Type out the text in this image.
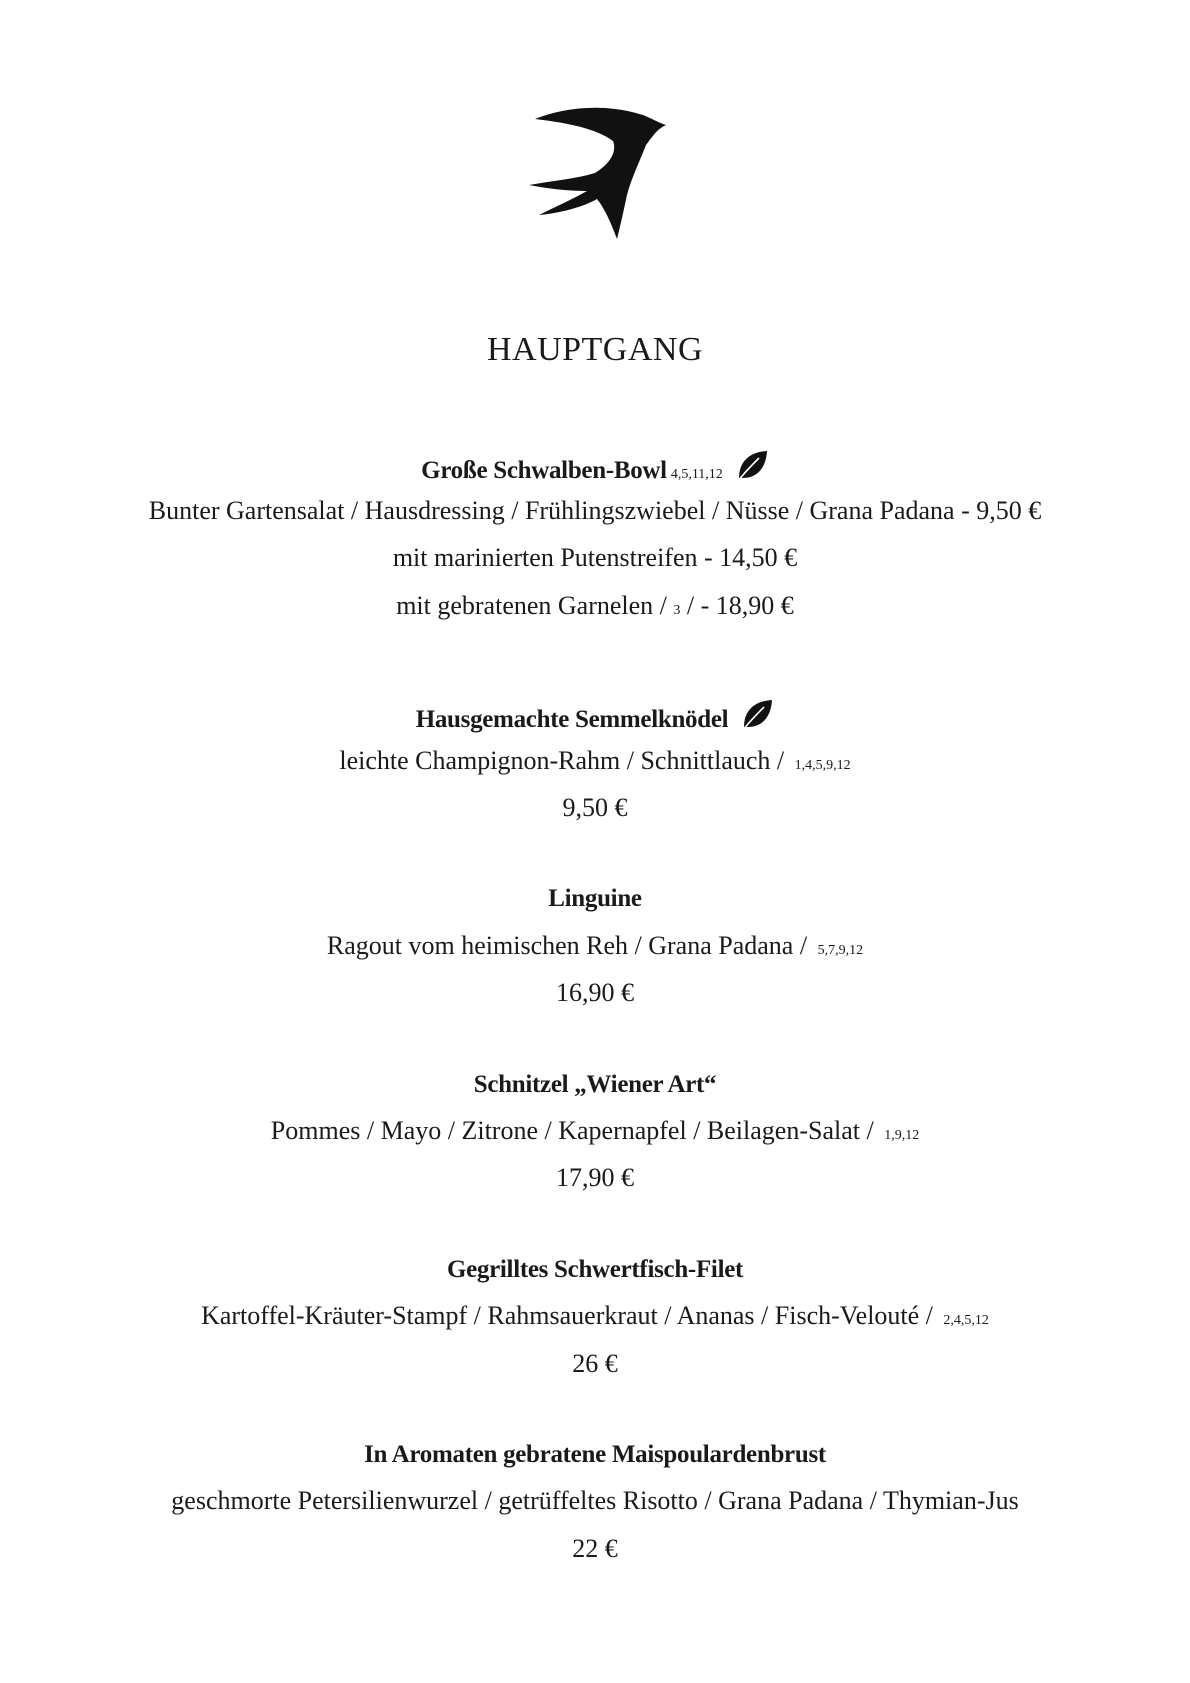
HAUPTGANG
Große Schwalben-Bowl 4,5,11,12
Bunter Gartensalat / Hausdressing / Frühlingszwiebel / Nüsse / Grana Padana - 9,50 €
mit marinierten Putenstreifen - 14,50 €
mit gebratenen Garnelen / 3 / - 18,90 €
Hausgemachte Semmelknödel
leichte Champignon-Rahm / Schnittlauch / 1,4,5,9,12
9,50 €
Linguine
Ragout vom heimischen Reh / Grana Padana / 5,7,9,12
16,90 €
Schnitzel „Wiener Art“
Pommes / Mayo / Zitrone / Kapernapfel / Beilagen-Salat / 1,9,12
17,90 €
Gegrilltes Schwertfisch-Filet
Kartoffel-Kräuter-Stampf / Rahmsauerkraut / Ananas / Fisch-Velouté / 2,4,5,12
26 €
In Aromaten gebratene Maispoulardenbrust
geschmorte Petersilienwurzel / getrüffeltes Risotto / Grana Padana / Thymian-Jus
22 €
